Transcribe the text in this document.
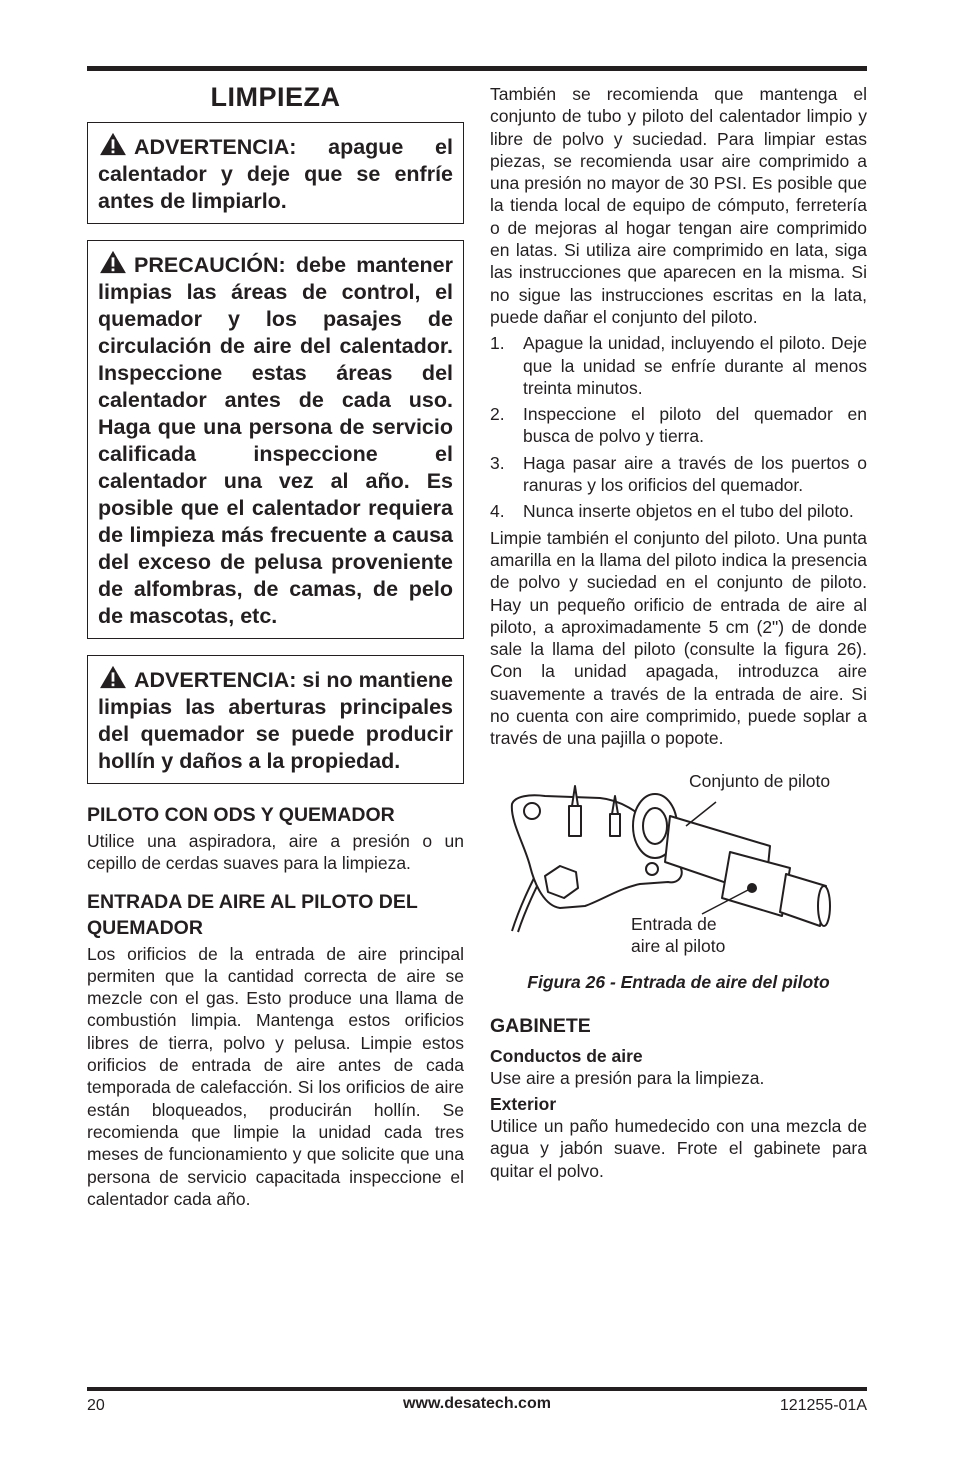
LIMPIEZA
ADVERTENCIA: apague el calentador y deje que se enfríe antes de limpiarlo.
PRECAUCIÓN: debe mantener limpias las áreas de control, el quemador y los pasajes de circulación de aire del calentador. Inspeccione estas áreas del calentador antes de cada uso. Haga que una persona de servicio calificada inspeccione el calentador una vez al año. Es posible que el calentador requiera de limpieza más frecuente a causa del exceso de pelusa proveniente de alfombras, de camas, de pelo de mascotas, etc.
ADVERTENCIA: si no mantiene limpias las aberturas principales del quemador se puede producir hollín y daños a la propiedad.
PILOTO CON ODS Y QUEMADOR

Utilice una aspiradora, aire a presión o un cepillo de cerdas suaves para la limpieza.

ENTRADA DE AIRE AL PILOTO DEL QUEMADOR

Los orificios de la entrada de aire principal permiten que la cantidad correcta de aire se mezcle con el gas. Esto produce una llama de combustión limpia. Mantenga estos orificios libres de tierra, polvo y pelusa. Limpie estos orificios de entrada de aire antes de cada temporada de calefacción. Si los orificios de aire están bloqueados, producirán hollín. Se recomienda que limpie la unidad cada tres meses de funcionamiento y que solicite que una persona de servicio capacitada inspeccione el calentador cada año.

También se recomienda que mantenga el conjunto de tubo y piloto del calentador limpio y libre de polvo y suciedad. Para limpiar estas piezas, se recomienda usar aire comprimido a una presión no mayor de 30 PSI. Es posible que la tienda local de equipo de cómputo, ferretería o de mejoras al hogar tengan aire comprimido en latas. Si utiliza aire comprimido en lata, siga las instrucciones que aparecen en la misma. Si no sigue las instrucciones escritas en la lata, puede dañar el conjunto del piloto.

1. Apague la unidad, incluyendo el piloto. Deje que la unidad se enfríe durante al menos treinta minutos.
2. Inspeccione el piloto del quemador en busca de polvo y tierra.
3. Haga pasar aire a través de los puertos o ranuras y los orificios del quemador.
4. Nunca inserte objetos en el tubo del piloto.

Limpie también el conjunto del piloto. Una punta amarilla en la llama del piloto indica la presencia de polvo y suciedad en el conjunto de piloto. Hay un pequeño orificio de entrada de aire al piloto, a aproximadamente 5 cm (2") de donde sale la llama del piloto (consulte la figura 26). Con la unidad apagada, introduzca aire suavemente a través de la entrada de aire. Si no cuenta con aire comprimido, puede soplar a través de una pajilla o popote.

Conjunto de piloto
Entrada de
aire al piloto
Figura 26 - Entrada de aire del piloto
GABINETE
Conductos de aire

Use aire a presión para la limpieza.

Exterior

Utilice un paño humedecido con una mezcla de agua y jabón suave. Frote el gabinete para quitar el polvo.

20	www.desatech.com	121255-01A
